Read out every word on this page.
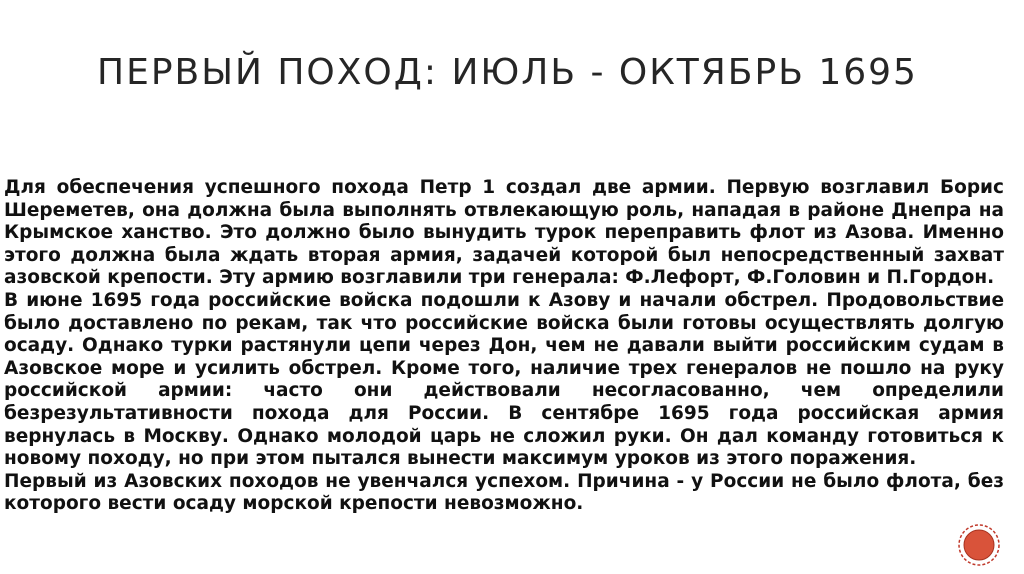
ПЕРВЫЙ ПОХОД: ИЮЛЬ - ОКТЯБРЬ 1695

Для обеспечения успешного похода Петр 1 создал две армии. Первую возглавил Борис Шереметев, она должна была выполнять отвлекающую роль, нападая в районе Днепра на Крымское ханство. Это должно было вынудить турок переправить флот из Азова. Именно этого должна была ждать вторая армия, задачей которой был непосредственный захват азовской крепости. Эту армию возглавили три генерала: Ф.Лефорт, Ф.Головин и П.Гордон.

В июне 1695 года российские войска подошли к Азову и начали обстрел. Продовольствие было доставлено по рекам, так что российские войска были готовы осуществлять долгую осаду. Однако турки растянули цепи через Дон, чем не давали выйти российским судам в Азовское море и усилить обстрел. Кроме того, наличие трех генералов не пошло на руку российской армии: часто они действовали несогласованно, чем определили безрезультативности похода для России. В сентябре 1695 года российская армия вернулась в Москву. Однако молодой царь не сложил руки. Он дал команду готовиться к новому походу, но при этом пытался вынести максимум уроков из этого поражения.

Первый из Азовских походов не увенчался успехом. Причина - у России не было флота, без которого вести осаду морской крепости невозможно.
